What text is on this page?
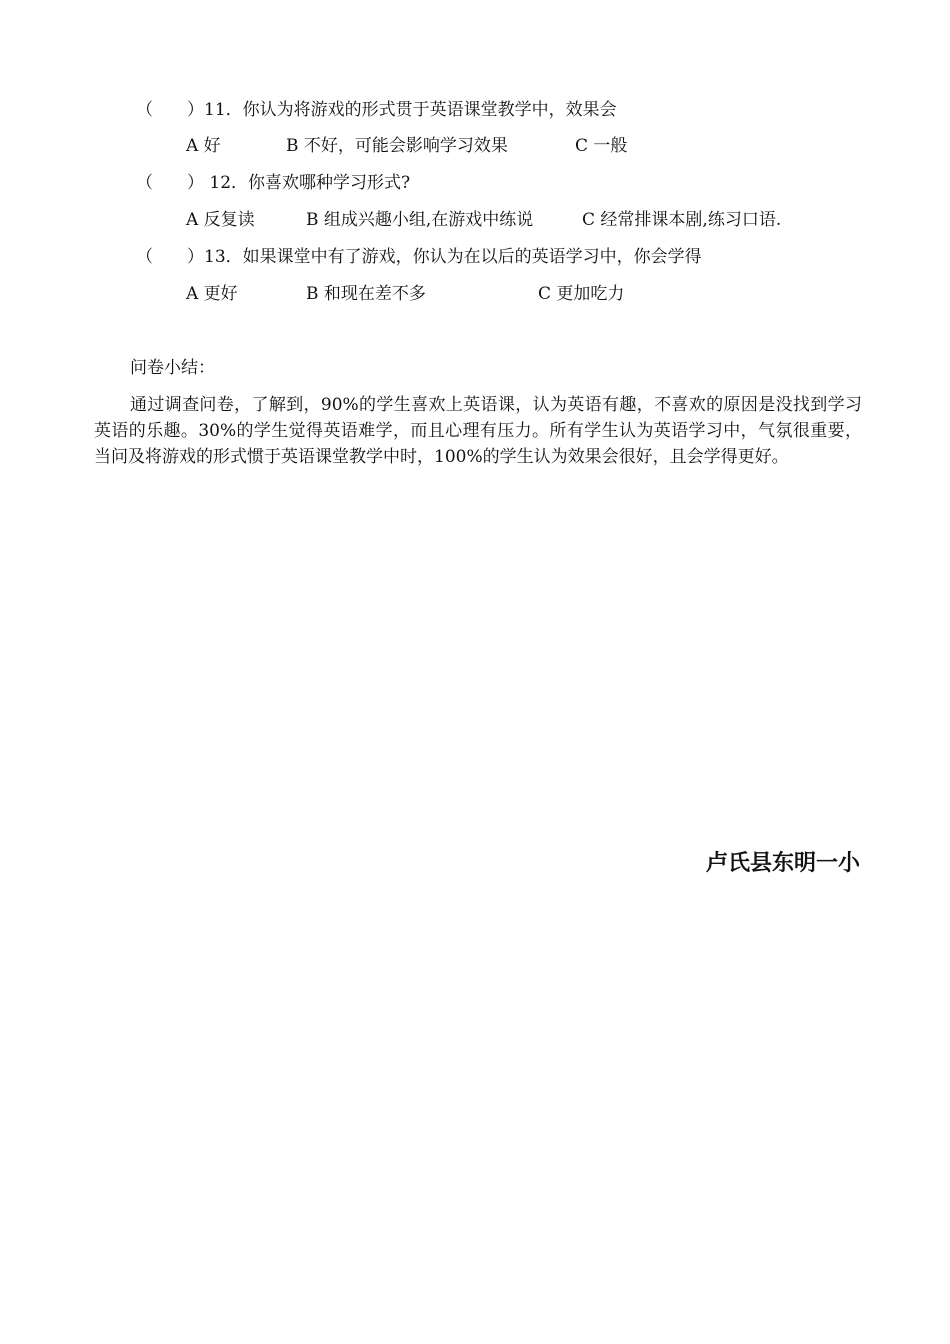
（　　）11．你认为将游戏的形式贯于英语课堂教学中，效果会
A 好	B 不好，可能会影响学习效果	C 一般
（　　） 12．你喜欢哪种学习形式?
A 反复读	B 组成兴趣小组,在游戏中练说	C 经常排课本剧,练习口语.
（　　）13．如果课堂中有了游戏，你认为在以后的英语学习中，你会学得
A 更好	B 和现在差不多	C 更加吃力
问卷小结：
通过调查问卷，了解到，90%的学生喜欢上英语课，认为英语有趣，不喜欢的原因是没找到学习英语的乐趣。30%的学生觉得英语难学，而且心理有压力。所有学生认为英语学习中，气氛很重要，当问及将游戏的形式惯于英语课堂教学中时，100%的学生认为效果会很好，且会学得更好。
卢氏县东明一小
